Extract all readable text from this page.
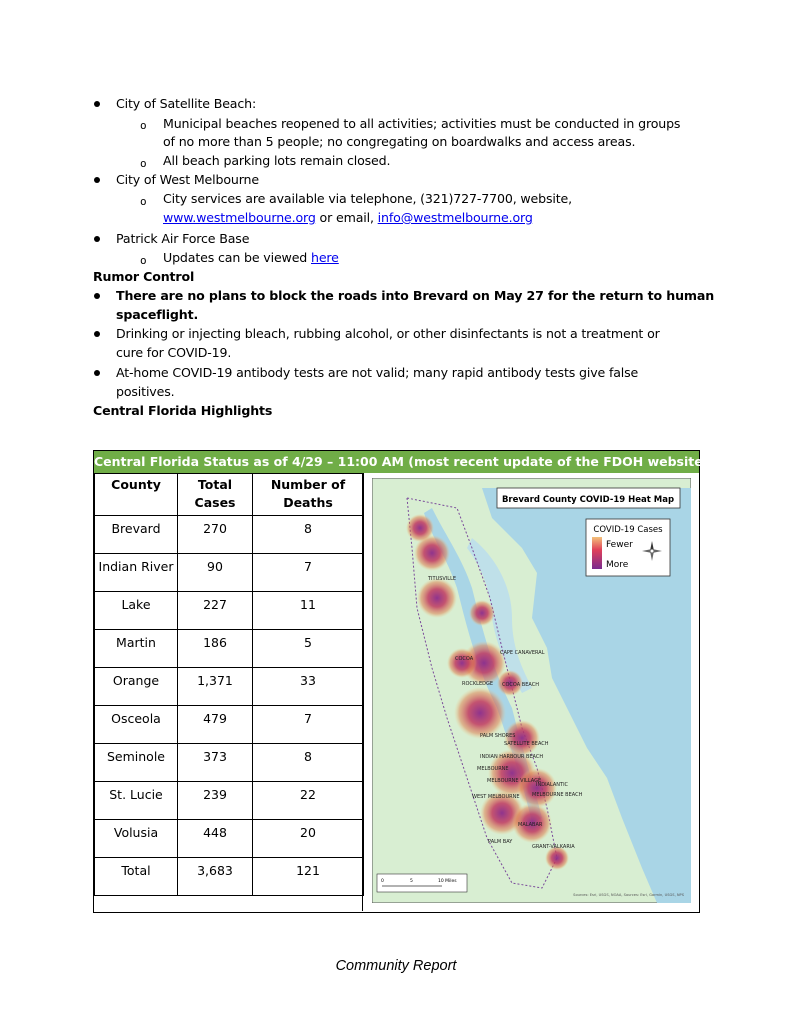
City of Satellite Beach:
o Municipal beaches reopened to all activities; activities must be conducted in groups
of no more than 5 people; no congregating on boardwalks and access areas.
o All beach parking lots remain closed.
City of West Melbourne
o City services are available via telephone, (321)727-7700, website,
www.westmelbourne.org or email, info@westmelbourne.org
Patrick Air Force Base
o Updates can be viewed here
Rumor Control
There are no plans to block the roads into Brevard on May 27 for the return to human
spaceflight.
Drinking or injecting bleach, rubbing alcohol, or other disinfectants is not a treatment or
cure for COVID-19.
At-home COVID-19 antibody tests are not valid; many rapid antibody tests give false
positives.
Central Florida Highlights
Central Florida Status as of 4/29 – 11:00 AM (most recent update of the FDOH website)
County	Total Cases	Number of Deaths
Brevard	270	8
Indian River	90	7
Lake	227	11
Martin	186	5
Orange	1,371	33
Osceola	479	7
Seminole	373	8
St. Lucie	239	22
Volusia	448	20
Total	3,683	121
Brevard County COVID-19 Heat Map
COVID-19 Cases
Fewer
More
TITUSVILLE
COCOA
CAPE CANAVERAL
ROCKLEDGE COCOA BEACH
PALM SHORES
SATELLITE BEACH
INDIAN HARBOUR BEACH
MELBOURNE
MELBOURNE VILLAGE
INDIALANTIC
MELBOURNE BEACH
WEST MELBOURNE
MALABAR
PALM BAY
GRANT-VALKARIA
0	5	10 Miles
Sources: Esri, USGS, NOAA, Sources: Esri, Garmin, USGS, NPS
Community Report
